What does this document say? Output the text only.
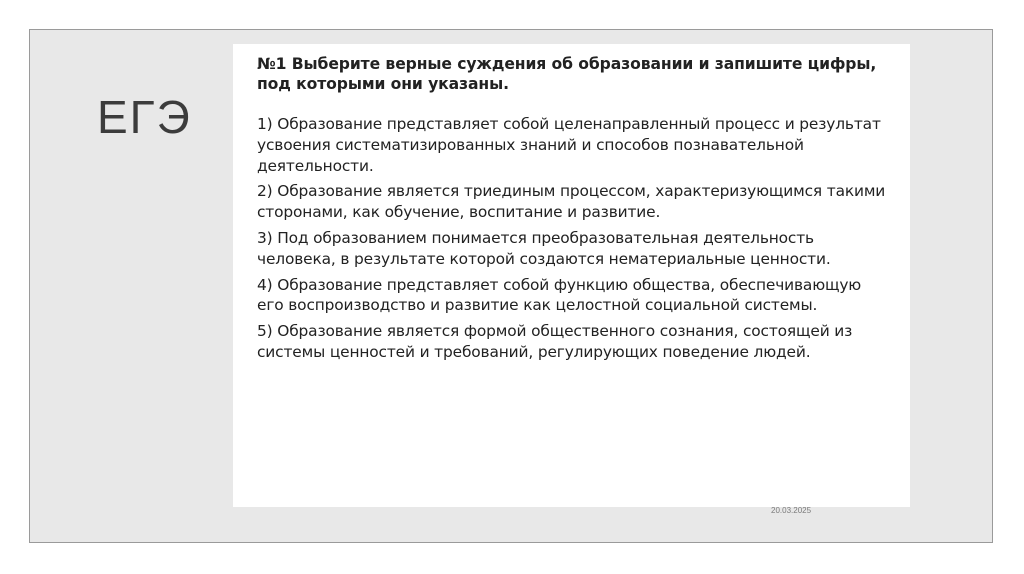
ЕГЭ
№1 Выберите верные суждения об образовании и запишите цифры, под которыми они указаны.
1) Образование представляет собой целенаправленный процесс и результат усвоения систематизированных знаний и способов познавательной деятельности.
2) Образование является триединым процессом, характеризующимся такими сторонами, как обучение, воспитание и развитие.
3) Под образованием понимается преобразовательная деятельность человека, в результате которой создаются нематериальные ценности.
4) Образование представляет собой функцию общества, обеспечивающую его воспроизводство и развитие как целостной социальной системы.
5) Образование является формой общественного сознания, состоящей из системы ценностей и требований, регулирующих поведение людей.
20.03.2025
